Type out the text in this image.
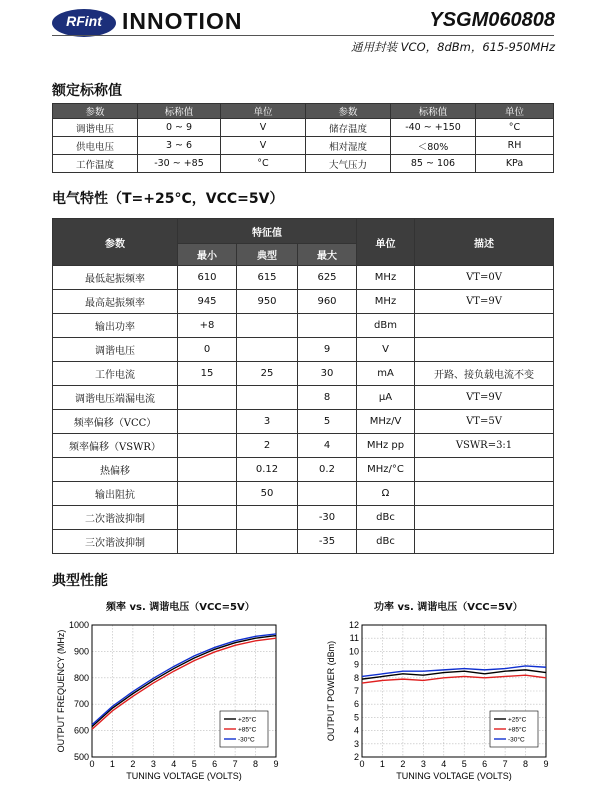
RFint INNOTION	YSGM060808
通用封装 VCO，8dBm，615-950MHz
额定标称值
参数	标称值	单位	参数	标称值	单位
调谐电压	0 ~ 9	V	储存温度	-40 ~ +150	°C
供电电压	3 ~ 6	V	相对湿度	＜80%	RH
工作温度	-30 ~ +85	°C	大气压力	85 ~ 106	KPa
电气特性（T=+25°C，VCC=5V）
参数	特征值			单位	描述
	最小	典型	最大		
最低起振频率	610	615	625	MHz	VT=0V
最高起振频率	945	950	960	MHz	VT=9V
输出功率	+8			dBm	
调谐电压	0		9	V	
工作电流	15	25	30	mA	开路、接负载电流不变
调谐电压端漏电流			8	μA	VT=9V
频率偏移（VCC）		3	5	MHz/V	VT=5V
频率偏移（VSWR）		2	4	MHz pp	VSWR=3:1
热偏移		0.12	0.2	MHz/°C	
输出阻抗		50		Ω	
二次谐波抑制			-30	dBc	
三次谐波抑制			-35	dBc	
典型性能
频率 vs. 调谐电压（VCC=5V）	功率 vs. 调谐电压（VCC=5V）
0 1 2 3 4 5 6 7 8 9
500
600
700
800
900
1000
TUNING VOLTAGE (VOLTS)
OUTPUT FREQUENCY (MHz)	+25°C
+85°C
-30°C
0 1 2 3 4 5 6 7 8 9
2
3
4
5
6
7
8
9
10
11
12
TUNING VOLTAGE (VOLTS)
OUTPUT POWER (dBm)	+25°C
+85°C
-30°C
